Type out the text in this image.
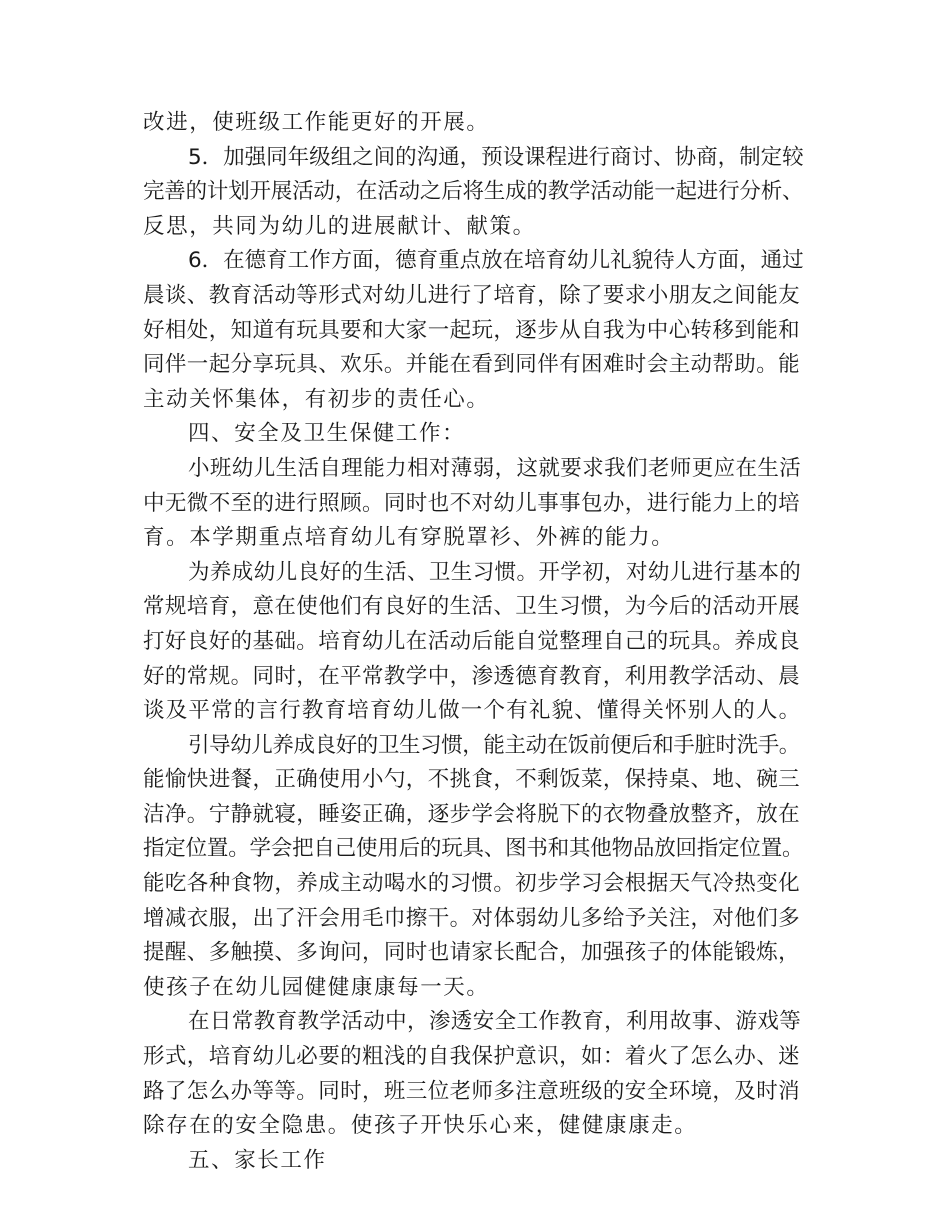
改进，使班级工作能更好的开展。
5．加强同年级组之间的沟通，预设课程进行商讨、协商，制定较
完善的计划开展活动，在活动之后将生成的教学活动能一起进行分析、
反思，共同为幼儿的进展献计、献策。
6．在德育工作方面，德育重点放在培育幼儿礼貌待人方面，通过
晨谈、教育活动等形式对幼儿进行了培育，除了要求小朋友之间能友
好相处，知道有玩具要和大家一起玩，逐步从自我为中心转移到能和
同伴一起分享玩具、欢乐。并能在看到同伴有困难时会主动帮助。能
主动关怀集体，有初步的责任心。
四、安全及卫生保健工作：
小班幼儿生活自理能力相对薄弱，这就要求我们老师更应在生活
中无微不至的进行照顾。同时也不对幼儿事事包办，进行能力上的培
育。本学期重点培育幼儿有穿脱罩衫、外裤的能力。
为养成幼儿良好的生活、卫生习惯。开学初，对幼儿进行基本的
常规培育，意在使他们有良好的生活、卫生习惯，为今后的活动开展
打好良好的基础。培育幼儿在活动后能自觉整理自己的玩具。养成良
好的常规。同时，在平常教学中，渗透德育教育，利用教学活动、晨
谈及平常的言行教育培育幼儿做一个有礼貌、懂得关怀别人的人。
引导幼儿养成良好的卫生习惯，能主动在饭前便后和手脏时洗手。
能愉快进餐，正确使用小勺，不挑食，不剩饭菜，保持桌、地、碗三
洁净。宁静就寝，睡姿正确，逐步学会将脱下的衣物叠放整齐，放在
指定位置。学会把自己使用后的玩具、图书和其他物品放回指定位置。
能吃各种食物，养成主动喝水的习惯。初步学习会根据天气冷热变化
增减衣服，出了汗会用毛巾擦干。对体弱幼儿多给予关注，对他们多
提醒、多触摸、多询问，同时也请家长配合，加强孩子的体能锻炼，
使孩子在幼儿园健健康康每一天。
在日常教育教学活动中，渗透安全工作教育，利用故事、游戏等
形式，培育幼儿必要的粗浅的自我保护意识，如：着火了怎么办、迷
路了怎么办等等。同时，班三位老师多注意班级的安全环境，及时消
除存在的安全隐患。使孩子开快乐心来，健健康康走。
五、家长工作
